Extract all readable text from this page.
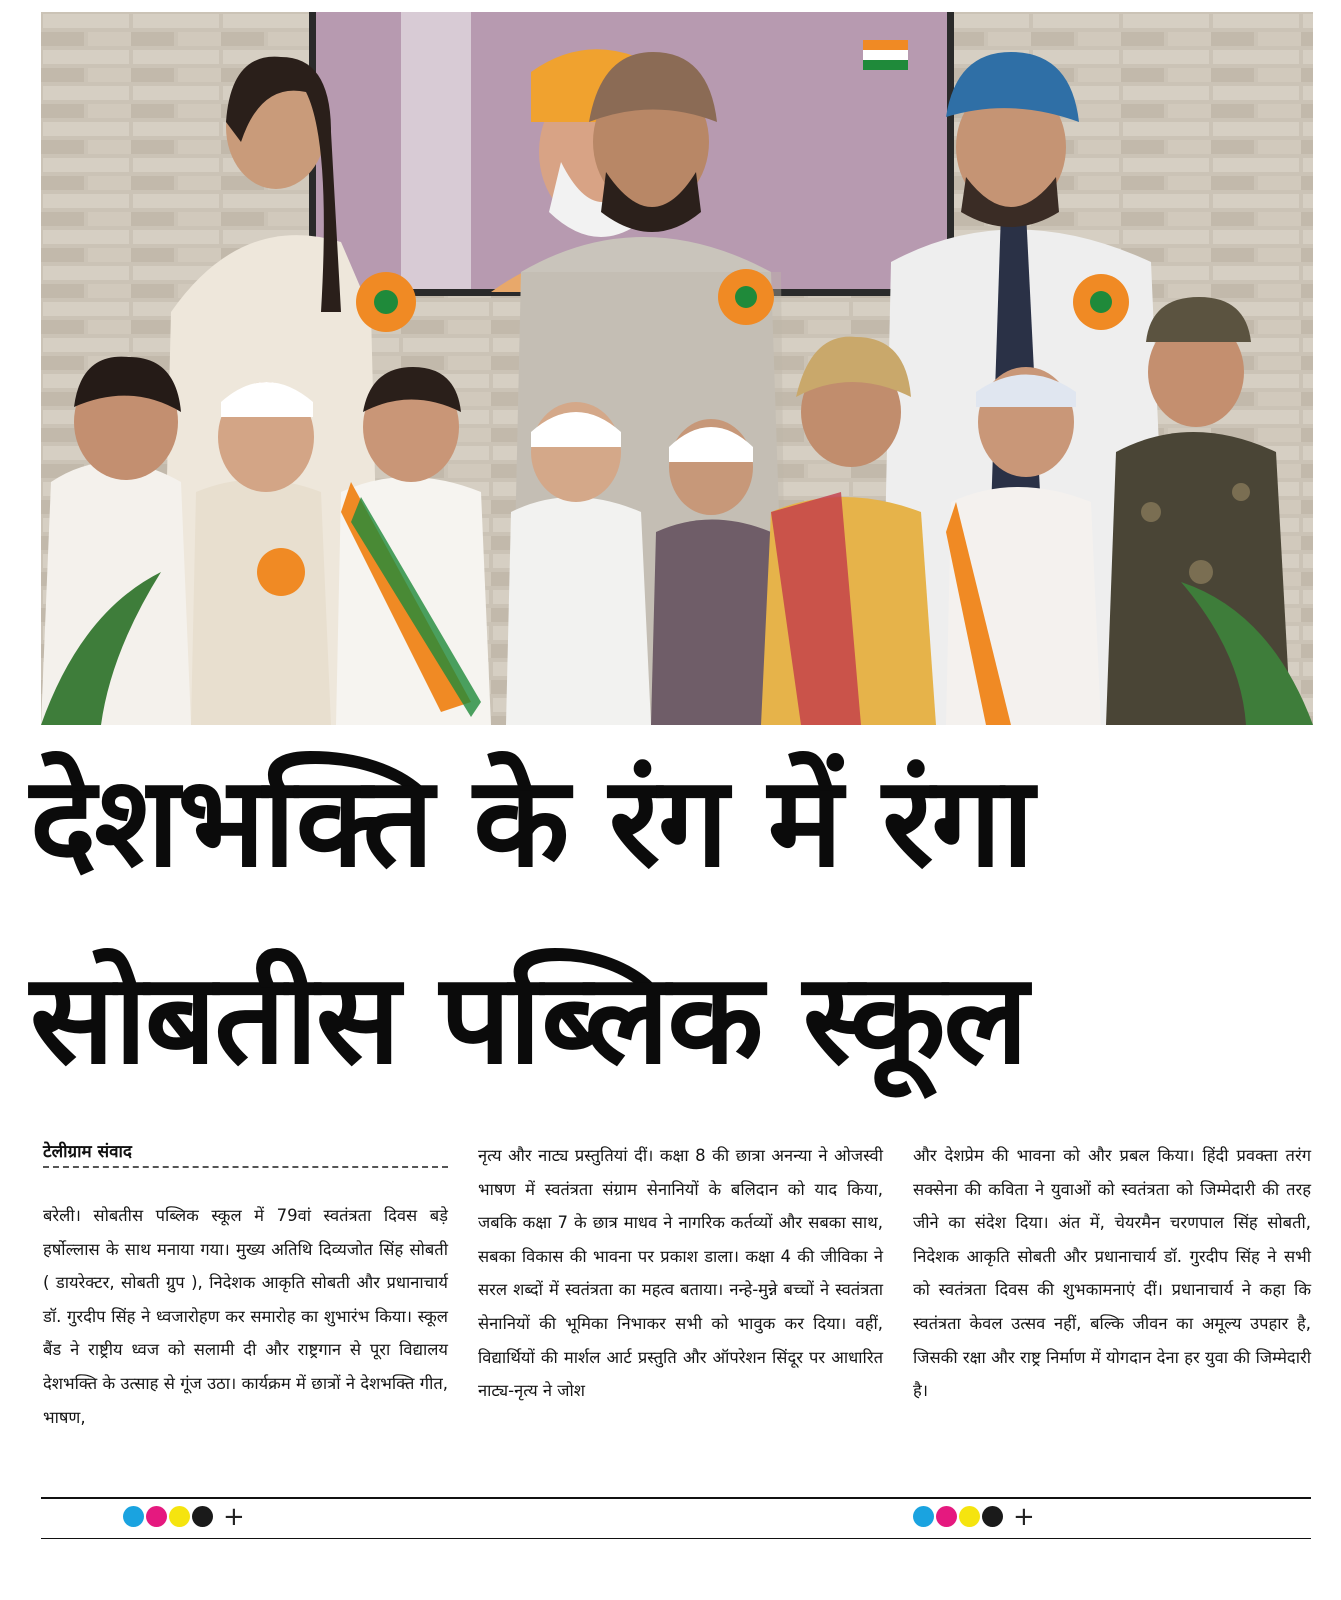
देशभक्ति के रंग में रंगा
सोबतीस पब्लिक स्कूल
टेलीग्राम संवाद
बरेली। सोबतीस पब्लिक स्कूल में 79वां स्वतंत्रता दिवस बड़े हर्षोल्लास के साथ मनाया गया। मुख्य अतिथि दिव्यजोत सिंह सोबती ( डायरेक्टर, सोबती ग्रुप ), निदेशक आकृति सोबती और प्रधानाचार्य डॉ. गुरदीप सिंह ने ध्वजारोहण कर समारोह का शुभारंभ किया। स्कूल बैंड ने राष्ट्रीय ध्वज को सलामी दी और राष्ट्रगान से पूरा विद्यालय देशभक्ति के उत्साह से गूंज उठा। कार्यक्रम में छात्रों ने देशभक्ति गीत, भाषण,
नृत्य और नाट्य प्रस्तुतियां दीं। कक्षा 8 की छात्रा अनन्या ने ओजस्वी भाषण में स्वतंत्रता संग्राम सेनानियों के बलिदान को याद किया, जबकि कक्षा 7 के छात्र माधव ने नागरिक कर्तव्यों और सबका साथ, सबका विकास की भावना पर प्रकाश डाला। कक्षा 4 की जीविका ने सरल शब्दों में स्वतंत्रता का महत्व बताया। नन्हे-मुन्ने बच्चों ने स्वतंत्रता सेनानियों की भूमिका निभाकर सभी को भावुक कर दिया। वहीं, विद्यार्थियों की मार्शल आर्ट प्रस्तुति और ऑपरेशन सिंदूर पर आधारित नाट्य-नृत्य ने जोश
और देशप्रेम की भावना को और प्रबल किया। हिंदी प्रवक्ता तरंग सक्सेना की कविता ने युवाओं को स्वतंत्रता को जिम्मेदारी की तरह जीने का संदेश दिया। अंत में, चेयरमैन चरणपाल सिंह सोबती, निदेशक आकृति सोबती और प्रधानाचार्य डॉ. गुरदीप सिंह ने सभी को स्वतंत्रता दिवस की शुभकामनाएं दीं। प्रधानाचार्य ने कहा कि स्वतंत्रता केवल उत्सव नहीं, बल्कि जीवन का अमूल्य उपहार है, जिसकी रक्षा और राष्ट्र निर्माण में योगदान देना हर युवा की जिम्मेदारी है।
+	+
